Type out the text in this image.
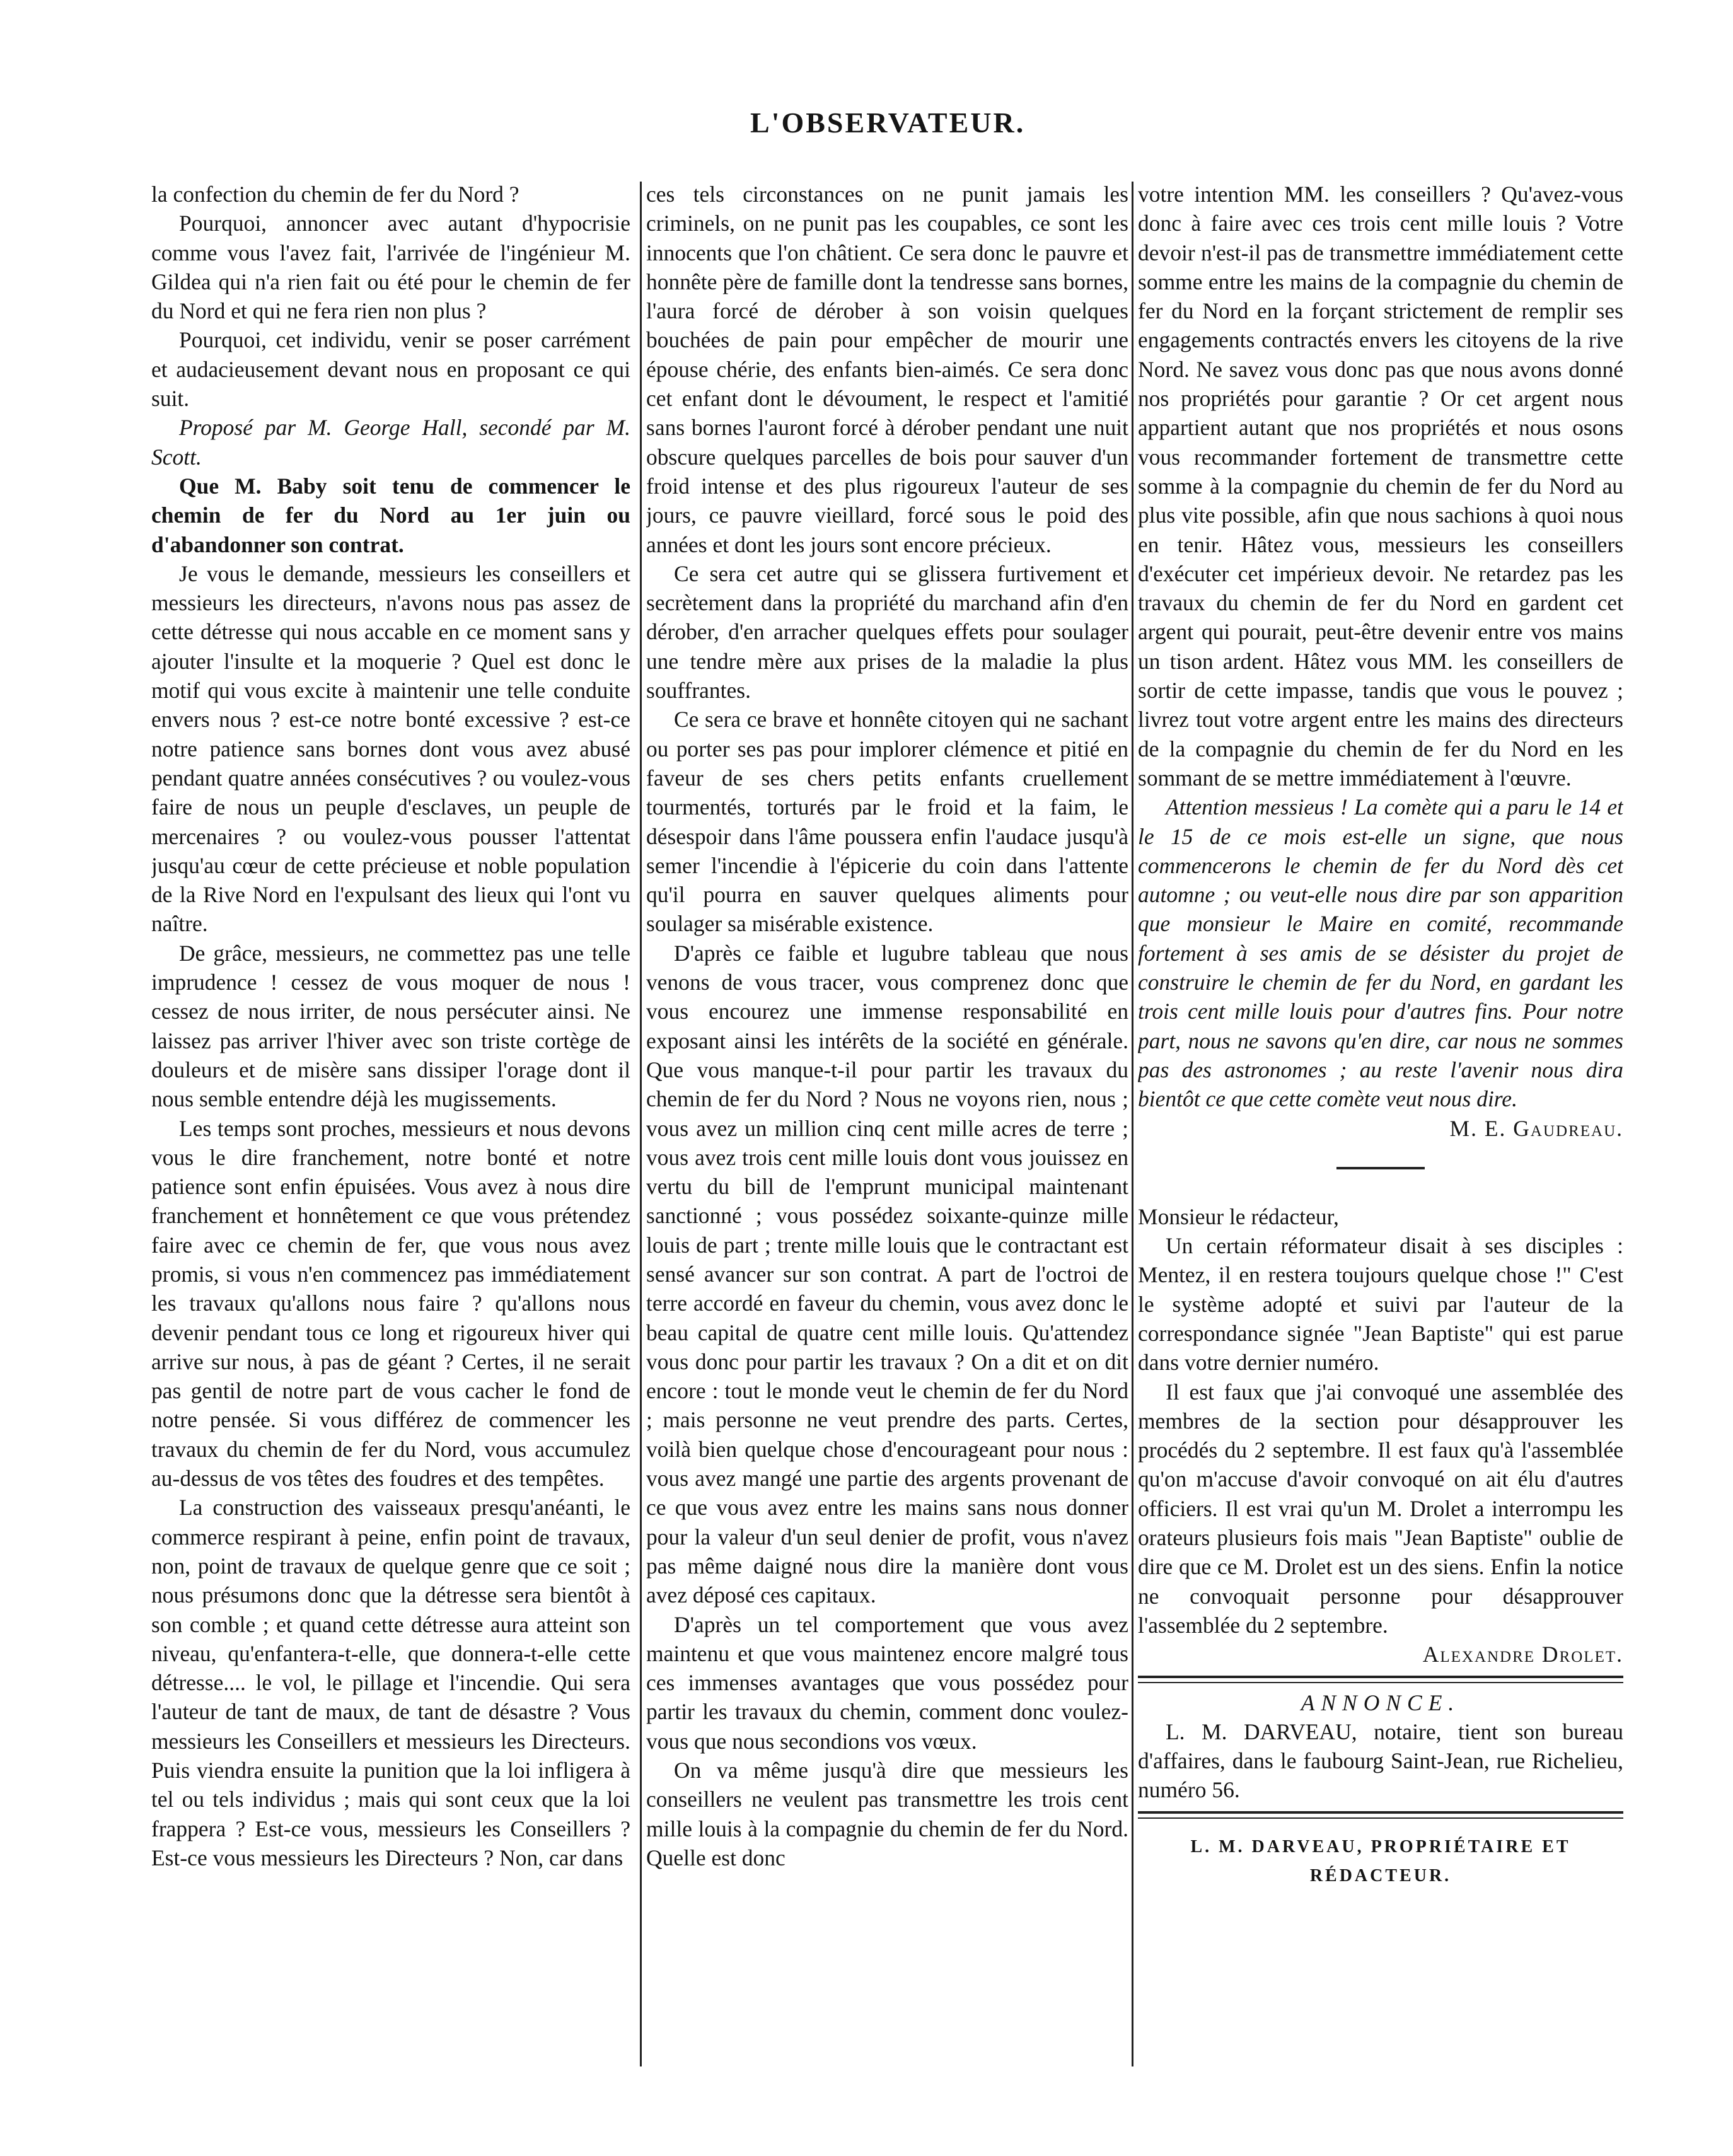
L'OBSERVATEUR.

la confection du chemin de fer du Nord ?

Pourquoi, annoncer avec autant d'hypocrisie comme vous l'avez fait, l'arrivée de l'ingénieur M. Gildea qui n'a rien fait ou été pour le chemin de fer du Nord et qui ne fera rien non plus ?

Pourquoi, cet individu, venir se poser carrément et audacieusement devant nous en proposant ce qui suit.

Proposé par M. George Hall, secondé par M. Scott.

Que M. Baby soit tenu de commencer le chemin de fer du Nord au 1er juin ou d'abandonner son contrat.

Je vous le demande, messieurs les conseillers et messieurs les directeurs, n'avons nous pas assez de cette détresse qui nous accable en ce moment sans y ajouter l'insulte et la moquerie ? Quel est donc le motif qui vous excite à maintenir une telle conduite envers nous ? est-ce notre bonté excessive ? est-ce notre patience sans bornes dont vous avez abusé pendant quatre années consécutives ? ou voulez-vous faire de nous un peuple d'esclaves, un peuple de mercenaires ? ou voulez-vous pousser l'attentat jusqu'au cœur de cette précieuse et noble population de la Rive Nord en l'expulsant des lieux qui l'ont vu naître.

De grâce, messieurs, ne commettez pas une telle imprudence ! cessez de vous moquer de nous ! cessez de nous irriter, de nous persécuter ainsi. Ne laissez pas arriver l'hiver avec son triste cortège de douleurs et de misère sans dissiper l'orage dont il nous semble entendre déjà les mugissements.

Les temps sont proches, messieurs et nous devons vous le dire franchement, notre bonté et notre patience sont enfin épuisées. Vous avez à nous dire franchement et honnêtement ce que vous prétendez faire avec ce chemin de fer, que vous nous avez promis, si vous n'en commencez pas immédiatement les travaux qu'allons nous faire ? qu'allons nous devenir pendant tous ce long et rigoureux hiver qui arrive sur nous, à pas de géant ? Certes, il ne serait pas gentil de notre part de vous cacher le fond de notre pensée. Si vous différez de commencer les travaux du chemin de fer du Nord, vous accumulez au-dessus de vos têtes des foudres et des tempêtes.

La construction des vaisseaux presqu'anéanti, le commerce respirant à peine, enfin point de travaux, non, point de travaux de quelque genre que ce soit ; nous présumons donc que la détresse sera bientôt à son comble ; et quand cette détresse aura atteint son niveau, qu'enfantera-t-elle, que donnera-t-elle cette détresse.... le vol, le pillage et l'incendie. Qui sera l'auteur de tant de maux, de tant de désastre ? Vous messieurs les Conseillers et messieurs les Directeurs. Puis viendra ensuite la punition que la loi infligera à tel ou tels individus ; mais qui sont ceux que la loi frappera ? Est-ce vous, messieurs les Conseillers ? Est-ce vous messieurs les Directeurs ? Non, car dans

ces tels circonstances on ne punit jamais les criminels, on ne punit pas les coupables, ce sont les innocents que l'on châtient. Ce sera donc le pauvre et honnête père de famille dont la tendresse sans bornes, l'aura forcé de dérober à son voisin quelques bouchées de pain pour empêcher de mourir une épouse chérie, des enfants bien-aimés. Ce sera donc cet enfant dont le dévoument, le respect et l'amitié sans bornes l'auront forcé à dérober pendant une nuit obscure quelques parcelles de bois pour sauver d'un froid intense et des plus rigoureux l'auteur de ses jours, ce pauvre vieillard, forcé sous le poid des années et dont les jours sont encore précieux.

Ce sera cet autre qui se glissera furtivement et secrètement dans la propriété du marchand afin d'en dérober, d'en arracher quelques effets pour soulager une tendre mère aux prises de la maladie la plus souffrantes.

Ce sera ce brave et honnête citoyen qui ne sachant ou porter ses pas pour implorer clémence et pitié en faveur de ses chers petits enfants cruellement tourmentés, torturés par le froid et la faim, le désespoir dans l'âme poussera enfin l'audace jusqu'à semer l'incendie à l'épicerie du coin dans l'attente qu'il pourra en sauver quelques aliments pour soulager sa misérable existence.

D'après ce faible et lugubre tableau que nous venons de vous tracer, vous comprenez donc que vous encourez une immense responsabilité en exposant ainsi les intérêts de la société en générale. Que vous manque-t-il pour partir les travaux du chemin de fer du Nord ? Nous ne voyons rien, nous ; vous avez un million cinq cent mille acres de terre ; vous avez trois cent mille louis dont vous jouissez en vertu du bill de l'emprunt municipal maintenant sanctionné ; vous possédez soixante-quinze mille louis de part ; trente mille louis que le contractant est sensé avancer sur son contrat. A part de l'octroi de terre accordé en faveur du chemin, vous avez donc le beau capital de quatre cent mille louis. Qu'attendez vous donc pour partir les travaux ? On a dit et on dit encore : tout le monde veut le chemin de fer du Nord ; mais personne ne veut prendre des parts. Certes, voilà bien quelque chose d'encourageant pour nous : vous avez mangé une partie des argents provenant de ce que vous avez entre les mains sans nous donner pour la valeur d'un seul denier de profit, vous n'avez pas même daigné nous dire la manière dont vous avez déposé ces capitaux.

D'après un tel comportement que vous avez maintenu et que vous maintenez encore malgré tous ces immenses avantages que vous possédez pour partir les travaux du chemin, comment donc voulez-vous que nous secondions vos vœux.

On va même jusqu'à dire que messieurs les conseillers ne veulent pas transmettre les trois cent mille louis à la compagnie du chemin de fer du Nord. Quelle est donc

votre intention MM. les conseillers ? Qu'avez-vous donc à faire avec ces trois cent mille louis ? Votre devoir n'est-il pas de transmettre immédiatement cette somme entre les mains de la compagnie du chemin de fer du Nord en la forçant strictement de remplir ses engagements contractés envers les citoyens de la rive Nord. Ne savez vous donc pas que nous avons donné nos propriétés pour garantie ? Or cet argent nous appartient autant que nos propriétés et nous osons vous recommander fortement de transmettre cette somme à la compagnie du chemin de fer du Nord au plus vite possible, afin que nous sachions à quoi nous en tenir. Hâtez vous, messieurs les conseillers d'exécuter cet impérieux devoir. Ne retardez pas les travaux du chemin de fer du Nord en gardent cet argent qui pourait, peut-être devenir entre vos mains un tison ardent. Hâtez vous MM. les conseillers de sortir de cette impasse, tandis que vous le pouvez ; livrez tout votre argent entre les mains des directeurs de la compagnie du chemin de fer du Nord en les sommant de se mettre immédiatement à l'œuvre.

Attention messieus ! La comète qui a paru le 14 et le 15 de ce mois est-elle un signe, que nous commencerons le chemin de fer du Nord dès cet automne ; ou veut-elle nous dire par son apparition que monsieur le Maire en comité, recommande fortement à ses amis de se désister du projet de construire le chemin de fer du Nord, en gardant les trois cent mille louis pour d'autres fins. Pour notre part, nous ne savons qu'en dire, car nous ne sommes pas des astronomes ; au reste l'avenir nous dira bientôt ce que cette comète veut nous dire.

M. E. Gaudreau.

Monsieur le rédacteur,

Un certain réformateur disait à ses disciples : Mentez, il en restera toujours quelque chose !" C'est le système adopté et suivi par l'auteur de la correspondance signée "Jean Baptiste" qui est parue dans votre dernier numéro.

Il est faux que j'ai convoqué une assemblée des membres de la section pour désapprouver les procédés du 2 septembre. Il est faux qu'à l'assemblée qu'on m'accuse d'avoir convoqué on ait élu d'autres officiers. Il est vrai qu'un M. Drolet a interrompu les orateurs plusieurs fois mais "Jean Baptiste" oublie de dire que ce M. Drolet est un des siens. Enfin la notice ne convoquait personne pour désapprouver l'assemblée du 2 septembre.

Alexandre Drolet.

ANNONCE.

L. M. DARVEAU, notaire, tient son bureau d'affaires, dans le faubourg Saint-Jean, rue Richelieu, numéro 56.

L. M. DARVEAU, PROPRIÉTAIRE ET RÉDACTEUR.
